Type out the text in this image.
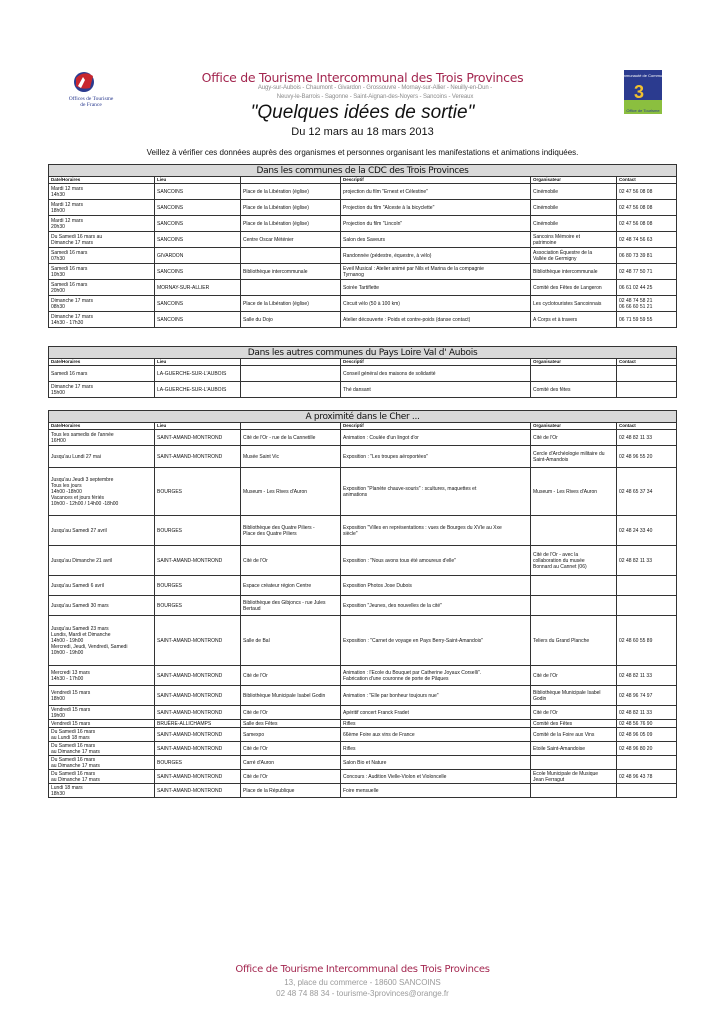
Offices de Tourisme de France
Communauté de Communes
3
Office de Tourisme
Office de Tourisme Intercommunal des Trois Provinces
Augy-sur-Aubois - Chaumont - Givardon - Grossouvre - Mornay-sur-Allier - Neuilly-en-Dun -
Neuvy-le-Barrois - Sagonne - Saint-Aignan-des-Noyers - Sancoins - Vereaux
"Quelques idées de sortie"
Du 12 mars au 18 mars 2013
Veillez à vérifier ces données auprès des organismes et personnes organisant les manifestations et animations indiquées.
Dans les communes de la CDC des Trois Provinces					
Date/Horaires	Lieu		Descriptif	Organisateur	Contact
Mardi 12 mars
14h30	SANCOINS	Place de la Libération (église)	projection du film "Ernest et Célestine"	Cinémobile	02 47 56 08 08
Mardi 12 mars
18h00	SANCOINS	Place de la Libération (église)	Projection du film "Alceste à la bicyclette"	Cinémobile	02 47 56 08 08
Mardi 12 mars
20h30	SANCOINS	Place de la Libération (église)	Projection du film "Lincoln"	Cinémobile	02 47 56 08 08
Du Samedi 16 mars au
Dimanche 17 mars	SANCOINS	Centre Oscar Méténier	Salon des Saveurs	Sancoins Mémoire et
patrimoine	02 48 74 56 63
Samedi 16 mars
07h30	GIVARDON		Randonnée (pédestre, équestre, à vélo)	Association Équestre de la
Vallée de Germigny	06 80 73 39 81
Samedi 16 mars
10h30	SANCOINS	Bibliothèque intercommunale	Eveil Musical : Atelier animé par Nils et Marina de la compagnie
Tyrnanog	Bibliothèque intercommunale	02 48 77 50 71
Samedi 16 mars
20h00	MORNAY-SUR-ALLIER		Soirée Tartiflette	Comité des Fêtes de Langeron	06 61 02 44 25
Dimanche 17 mars
08h30	SANCOINS	Place de la Libération (église)	Circuit vélo (50 à 100 km)	Les cyclotouristes Sancoinnais	02 48 74 58 21
06 66 60 51 21
Dimanche 17 mars
14h30 - 17h30	SANCOINS	Salle du Dojo	Atelier découverte : Poids et contre-poids (danse contact)	A Corps et à travers	06 71 59 59 55
Dans les autres communes du Pays Loire Val d' Aubois					
Date/Horaires	Lieu		Descriptif	Organisateur	Contact
Samedi 16 mars	LA-GUERCHE-SUR-L'AUBOIS		Conseil général des maisons de solidarité		
Dimanche 17 mars
15h00	LA-GUERCHE-SUR-L'AUBOIS		Thé dansant	Comité des fêtes	
A proximité dans le Cher ...					
Date/Horaires	Lieu		Descriptif	Organisateur	Contact
Tous les samedis de l'année
16H00	SAINT-AMAND-MONTROND	Cité de l'Or - rue de la Cannetille	Animation : Coulée d'un lingot d'or	Cité de l'Or	02 48 82 11 33
Jusqu'au Lundi 27 mai	SAINT-AMAND-MONTROND	Musée Saint Vic	Exposition : "Les troupes aéroportées"	Cercle d'Archéologie militaire du
Saint-Amandois	02 48 96 55 20
Jusqu'au Jeudi 3 septembre
Tous les jours
14h00 -18h00
Vacances et jours fériés
10h00 - 12h00 / 14h00 -18h00	BOURGES	Museum - Les Rives d'Auron	Exposition "Planète chauve-souris" : scultures, maquettes et
animations	Museum - Les Rives d'Auron	02 48 65 37 34
Jusqu'au Samedi 27 avril	BOURGES	Bibliothèque des Quatre Piliers -
Place des Quatre Piliers	Exposition "Villes en représentations : vues de Bourges du XVIe au Xxe
siècle"		02 48 24 33 40
Jusqu'au Dimanche 21 avril	SAINT-AMAND-MONTROND	Cité de l'Or	Exposition : "Nous avons tous été amoureux d'elle"	Cité de l'Or - avec la
collaboration du musée
Bonnard au Cannet (06)	02 48 82 11 33
Jusqu'au Samedi 6 avril	BOURGES	Espace créateur région Centre	Exposition Photos Jose Dubois		
Jusqu'au Samedi 30 mars	BOURGES	Bibliothèque des Gibjoncs - rue Jules
Bertaud	Exposition "Jeunes, des nouvelles de la cité"		
Jusqu'au Samedi 23 mars
Lundis, Mardi et Dimanche
14h00 - 19h00
Mercredi, Jeudi, Vendredi, Samedi
10h00 - 19h00	SAINT-AMAND-MONTROND	Salle de Bal	Exposition : "Carnet de voyage en Pays Berry-Saint-Amandois"	Teliers du Grand Planche	02 48 60 55 89
Mercredi 13 mars
14h30 - 17h00	SAINT-AMAND-MONTROND	Cité de l'Or	Animation : l'Ecole du Bouquet par Catherine Joyaux Corselli".
Fabrication d'une couronne de porte de Pâques	Cité de l'Or	02 48 82 11 33
Vendredi 15 mars
18h00	SAINT-AMAND-MONTROND	Bibliothèque Municipale Isabel Godin	Animation : "Elle par bonheur toujours nue"	Bibliothèque Municipale Isabel
Godin	02 48 96 74 97
Vendredi 15 mars
19h00	SAINT-AMAND-MONTROND	Cité de l'Or	Apéritif concert Franck Fradet	Cité de l'Or	02 48 82 11 33
Vendredi 15 mars	BRUÈRE-ALLICHAMPS	Salle des Fêtes	Rifles	Comité des Fêtes	02 48 56 76 90
Du Samedi 16 mars
au Lundi 18 mars	SAINT-AMAND-MONTROND	Samexpo	66ème Foire aux vins de France	Comité de la Foire aux Vins	02 48 96 05 09
Du Samedi 16 mars
au Dimanche 17 mars	SAINT-AMAND-MONTROND	Cité de l'Or	Rifles	Etoile Saint-Amandoise	02 48 96 80 20
Du Samedi 16 mars
au Dimanche 17 mars	BOURGES	Carré d'Auron	Salon Bio et Nature		
Du Samedi 16 mars
au Dimanche 17 mars	SAINT-AMAND-MONTROND	Cité de l'Or	Concours : Audition Vielle-Violon et Violoncelle	Ecole Municipale de Musique
Jean Ferragut	02 48 96 43 78
Lundi 18 mars
18h30	SAINT-AMAND-MONTROND	Place de la République	Foire mensuelle		
Office de Tourisme Intercommunal des Trois Provinces
13, place du commerce - 18600 SANCOINS
02 48 74 88 34 - tourisme-3provinces@orange.fr
